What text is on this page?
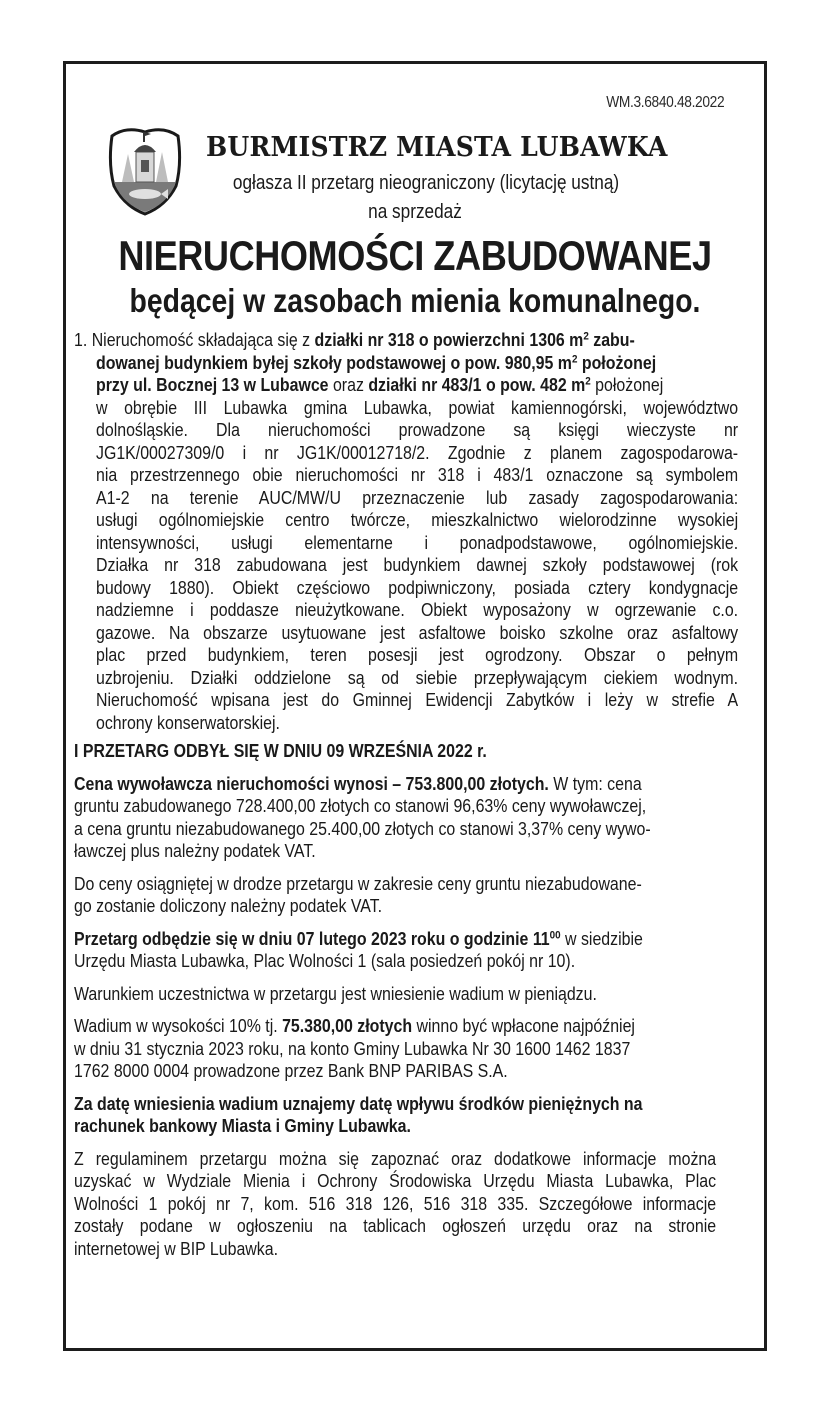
WM.3.6840.48.2022
BURMISTRZ MIASTA LUBAWKA
ogłasza II przetarg nieograniczony (licytację ustną)
na sprzedaż
NIERUCHOMOŚCI ZABUDOWANEJ
będącej w zasobach mienia komunalnego.
1. Nieruchomość składająca się z działki nr 318 o powierzchni 1306 $m^2$ zabu-
dowanej budynkiem byłej szkoły podstawowej o pow. 980,95 $m^2$ położonej
przy ul. Bocznej 13 w Lubawce oraz działki nr 483/1 o pow. 482 $m^2$ położonej
w obrębie III Lubawka gmina Lubawka, powiat kamiennogórski, województwo
dolnośląskie. Dla nieruchomości prowadzone są księgi wieczyste nr
JG1K/00027309/0 i nr JG1K/00012718/2. Zgodnie z planem zagospodarowa-
nia przestrzennego obie nieruchomości nr 318 i 483/1 oznaczone są symbolem
A1-2 na terenie AUC/MW/U przeznaczenie lub zasady zagospodarowania:
usługi ogólnomiejskie centro twórcze, mieszkalnictwo wielorodzinne wysokiej
intensywności, usługi elementarne i ponadpodstawowe, ogólnomiejskie.
Działka nr 318 zabudowana jest budynkiem dawnej szkoły podstawowej (rok
budowy 1880). Obiekt częściowo podpiwniczony, posiada cztery kondygnacje
nadziemne i poddasze nieużytkowane. Obiekt wyposażony w ogrzewanie c.o.
gazowe. Na obszarze usytuowane jest asfaltowe boisko szkolne oraz asfaltowy
plac przed budynkiem, teren posesji jest ogrodzony. Obszar o pełnym
uzbrojeniu. Działki oddzielone są od siebie przepływającym ciekiem wodnym.
Nieruchomość wpisana jest do Gminnej Ewidencji Zabytków i leży w strefie A
ochrony konserwatorskiej.
I PRZETARG ODBYŁ SIĘ W DNIU 09 WRZEŚNIA 2022 r.
Cena wywoławcza nieruchomości wynosi – 753.800,00 złotych. W tym: cena
gruntu zabudowanego 728.400,00 złotych co stanowi 96,63% ceny wywoławczej,
a cena gruntu niezabudowanego 25.400,00 złotych co stanowi 3,37% ceny wywo-
ławczej plus należny podatek VAT.
Do ceny osiągniętej w drodze przetargu w zakresie ceny gruntu niezabudowane-
go zostanie doliczony należny podatek VAT.
Przetarg odbędzie się w dniu 07 lutego 2023 roku o godzinie $11^{00}$ w siedzibie
Urzędu Miasta Lubawka, Plac Wolności 1 (sala posiedzeń pokój nr 10).
Warunkiem uczestnictwa w przetargu jest wniesienie wadium w pieniądzu.
Wadium w wysokości 10% tj. 75.380,00 złotych winno być wpłacone najpóźniej
w dniu 31 stycznia 2023 roku, na konto Gminy Lubawka Nr 30 1600 1462 1837
1762 8000 0004 prowadzone przez Bank BNP PARIBAS S.A.
Za datę wniesienia wadium uznajemy datę wpływu środków pieniężnych na
rachunek bankowy Miasta i Gminy Lubawka.
Z regulaminem przetargu można się zapoznać oraz dodatkowe informacje można
uzyskać w Wydziale Mienia i Ochrony Środowiska Urzędu Miasta Lubawka, Plac
Wolności 1 pokój nr 7, kom. 516 318 126, 516 318 335. Szczegółowe informacje
zostały podane w ogłoszeniu na tablicach ogłoszeń urzędu oraz na stronie
internetowej w BIP Lubawka.
